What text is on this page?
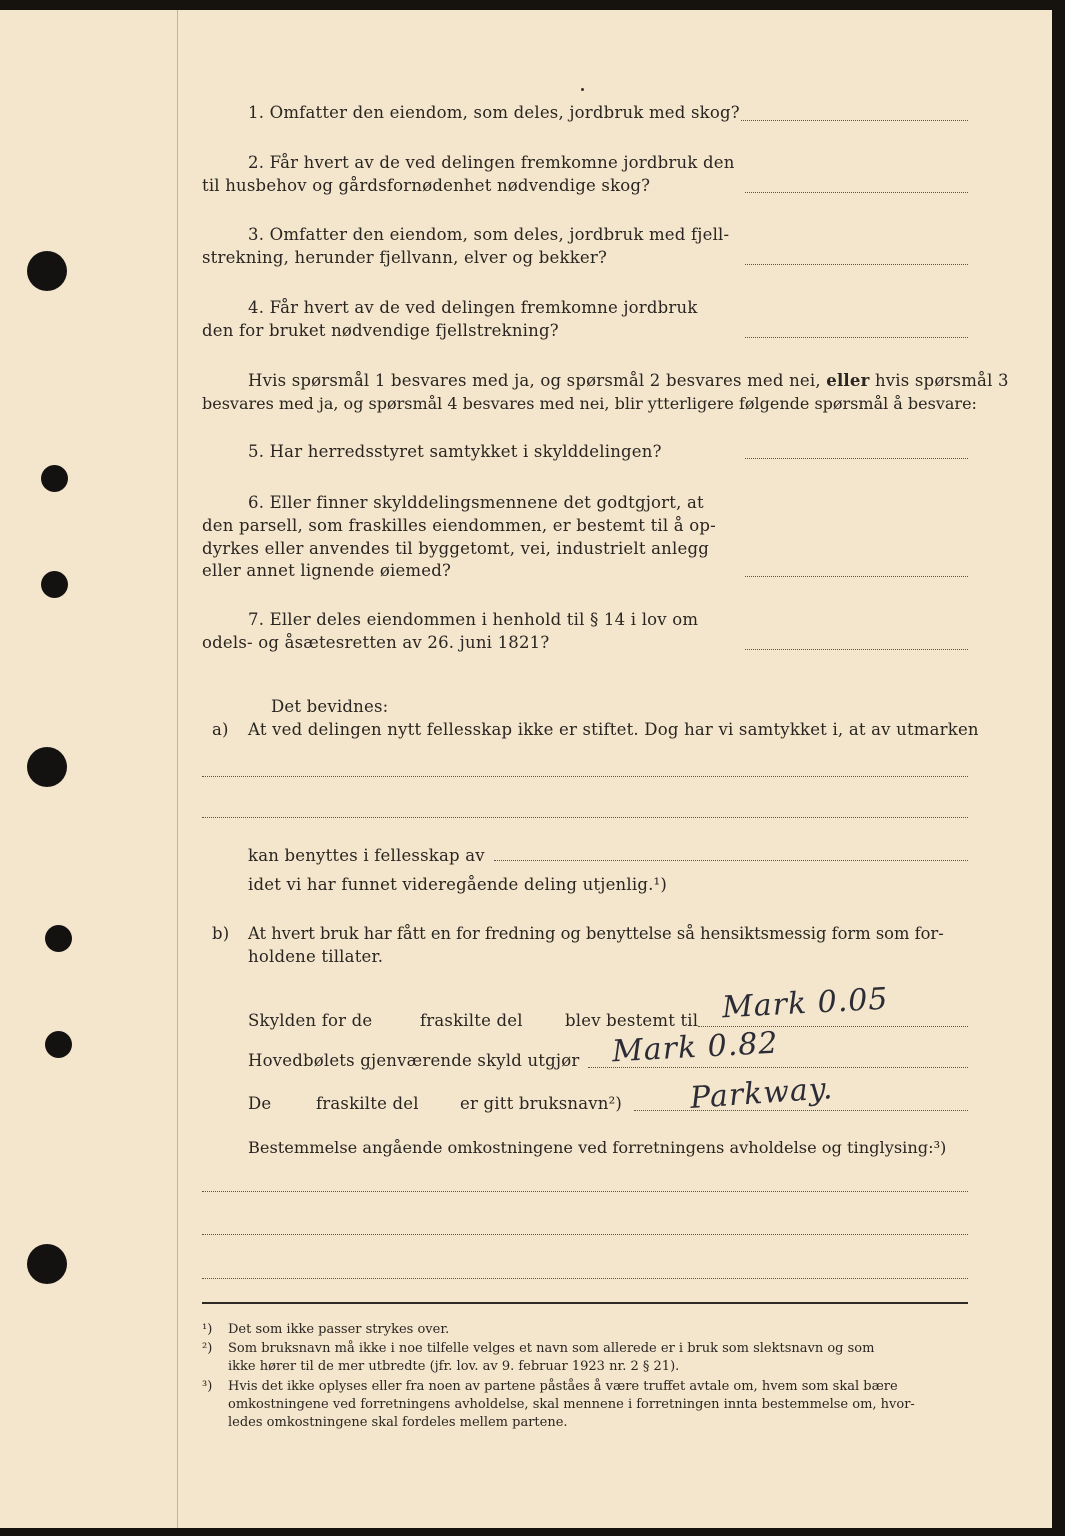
1. Omfatter den eiendom, som deles, jordbruk med skog?
2. Får hvert av de ved delingen fremkomne jordbruk den
til husbehov og gårdsfornødenhet nødvendige skog?
3. Omfatter den eiendom, som deles, jordbruk med fjell-
strekning, herunder fjellvann, elver og bekker?
4. Får hvert av de ved delingen fremkomne jordbruk
den for bruket nødvendige fjellstrekning?
Hvis spørsmål 1 besvares med ja, og spørsmål 2 besvares med nei, eller hvis spørsmål 3
besvares med ja, og spørsmål 4 besvares med nei, blir ytterligere følgende spørsmål å besvare:
5. Har herredsstyret samtykket i skylddelingen?
6. Eller finner skylddelingsmennene det godtgjort, at
den parsell, som fraskilles eiendommen, er bestemt til å op-
dyrkes eller anvendes til byggetomt, vei, industrielt anlegg
eller annet lignende øiemed?
7. Eller deles eiendommen i henhold til § 14 i lov om
odels- og åsætesretten av 26. juni 1821?
Det bevidnes:
a) At ved delingen nytt fellesskap ikke er stiftet. Dog har vi samtykket i, at av utmarken
kan benyttes i fellesskap av
idet vi har funnet videregående deling utjenlig.¹)
b) At hvert bruk har fått en for fredning og benyttelse så hensiktsmessig form som for-
holdene tillater.
Skylden for de	fraskilte del	blev bestemt til Mark 0.05
Hovedbølets gjenværende skyld utgjør Mark 0.82
De	fraskilte del	er gitt bruksnavn²) Parkway.
Bestemmelse angående omkostningene ved forretningens avholdelse og tinglysing:³)
¹) Det som ikke passer strykes over.
²) Som bruksnavn må ikke i noe tilfelle velges et navn som allerede er i bruk som slektsnavn og som
ikke hører til de mer utbredte (jfr. lov. av 9. februar 1923 nr. 2 § 21).
³) Hvis det ikke oplyses eller fra noen av partene påståes å være truffet avtale om, hvem som skal bære
omkostningene ved forretningens avholdelse, skal mennene i forretningen innta bestemmelse om, hvor-
ledes omkostningene skal fordeles mellem partene.
